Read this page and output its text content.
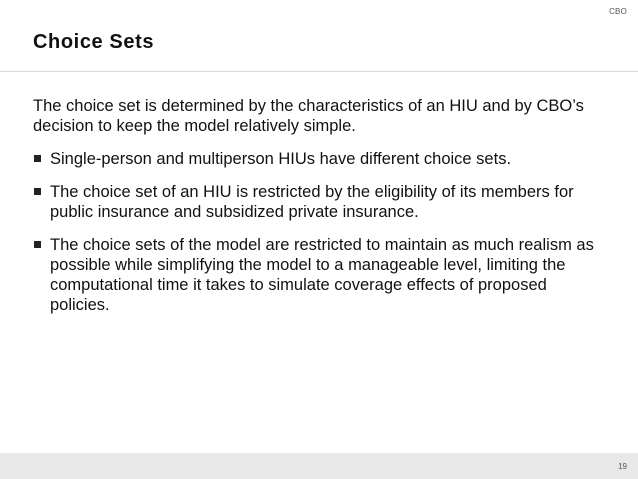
CBO
Choice Sets

The choice set is determined by the characteristics of an HIU and by CBO’s decision to keep the model relatively simple.

Single-person and multiperson HIUs have different choice sets.
The choice set of an HIU is restricted by the eligibility of its members for public insurance and subsidized private insurance.
The choice sets of the model are restricted to maintain as much realism as possible while simplifying the model to a manageable level, limiting the computational time it takes to simulate coverage effects of proposed policies.
19
